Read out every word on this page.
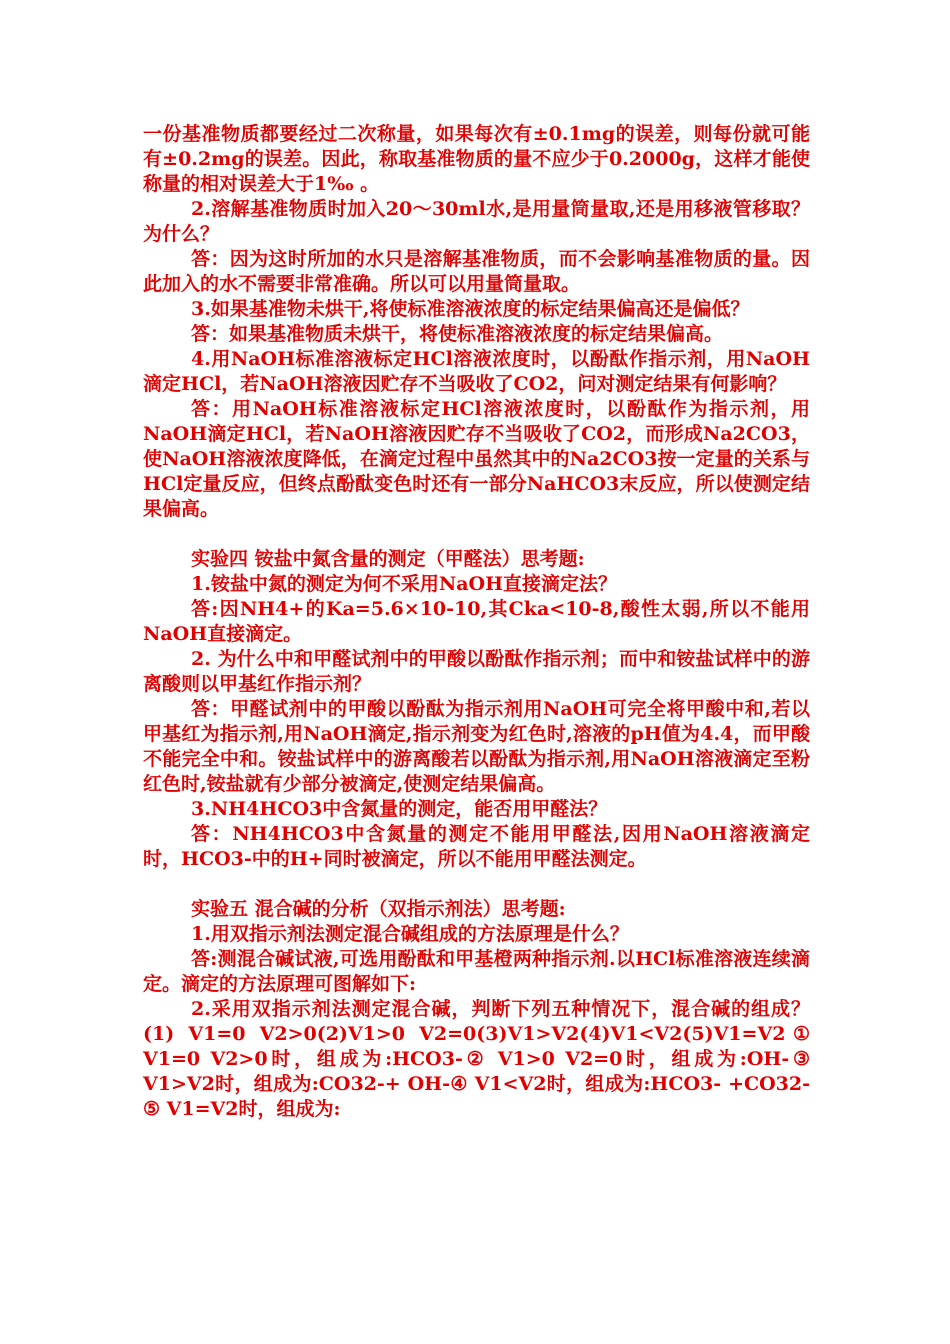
一份基准物质都要经过二次称量，如果每次有±0.1mg的误差，则每份就可能有±0.2mg的误差。因此，称取基准物质的量不应少于0.2000g，这样才能使称量的相对误差大于1‰ 。

2.溶解基准物质时加入20～30ml水,是用量筒量取,还是用移液管移取？为什么？

答：因为这时所加的水只是溶解基准物质，而不会影响基准物质的量。因此加入的水不需要非常准确。所以可以用量筒量取。

3.如果基准物未烘干,将使标准溶液浓度的标定结果偏高还是偏低？

答：如果基准物质未烘干，将使标准溶液浓度的标定结果偏高。

4.用NaOH标准溶液标定HCl溶液浓度时，以酚酞作指示剂，用NaOH滴定HCl，若NaOH溶液因贮存不当吸收了CO2，问对测定结果有何影响？

答：用NaOH标准溶液标定HCl溶液浓度时，以酚酞作为指示剂，用NaOH滴定HCl，若NaOH溶液因贮存不当吸收了CO2，而形成Na2CO3，使NaOH溶液浓度降低，在滴定过程中虽然其中的Na2CO3按一定量的关系与HCl定量反应，但终点酚酞变色时还有一部分NaHCO3末反应，所以使测定结果偏高。

实验四 铵盐中氮含量的测定（甲醛法）思考题:

1.铵盐中氮的测定为何不采用NaOH直接滴定法？

答:因NH4+的Ka=5.6×10-10,其Cka<10-8,酸性太弱,所以不能用NaOH直接滴定。

2. 为什么中和甲醛试剂中的甲酸以酚酞作指示剂；而中和铵盐试样中的游离酸则以甲基红作指示剂？

答：甲醛试剂中的甲酸以酚酞为指示剂用NaOH可完全将甲酸中和,若以甲基红为指示剂,用NaOH滴定,指示剂变为红色时,溶液的pH值为4.4，而甲酸不能完全中和。铵盐试样中的游离酸若以酚酞为指示剂,用NaOH溶液滴定至粉红色时,铵盐就有少部分被滴定,使测定结果偏高。

3.NH4HCO3中含氮量的测定，能否用甲醛法？

答：NH4HCO3中含氮量的测定不能用甲醛法,因用NaOH溶液滴定时，HCO3-中的H+同时被滴定，所以不能用甲醛法测定。

实验五 混合碱的分析（双指示剂法）思考题:

1.用双指示剂法测定混合碱组成的方法原理是什么？

答:测混合碱试液,可选用酚酞和甲基橙两种指示剂.以HCl标准溶液连续滴定。滴定的方法原理可图解如下:

2.采用双指示剂法测定混合碱，判断下列五种情况下，混合碱的组成？(1) V1=0 V2>0(2)V1>0 V2=0(3)V1>V2(4)V1<V2(5)V1=V2① V1=0 V2>0时，组成为:HCO3-② V1>0 V2=0时，组成为:OH-③ V1>V2时，组成为:CO32-+ OH-④ V1<V2时，组成为:HCO3- +CO32-⑤ V1=V2时，组成为:
